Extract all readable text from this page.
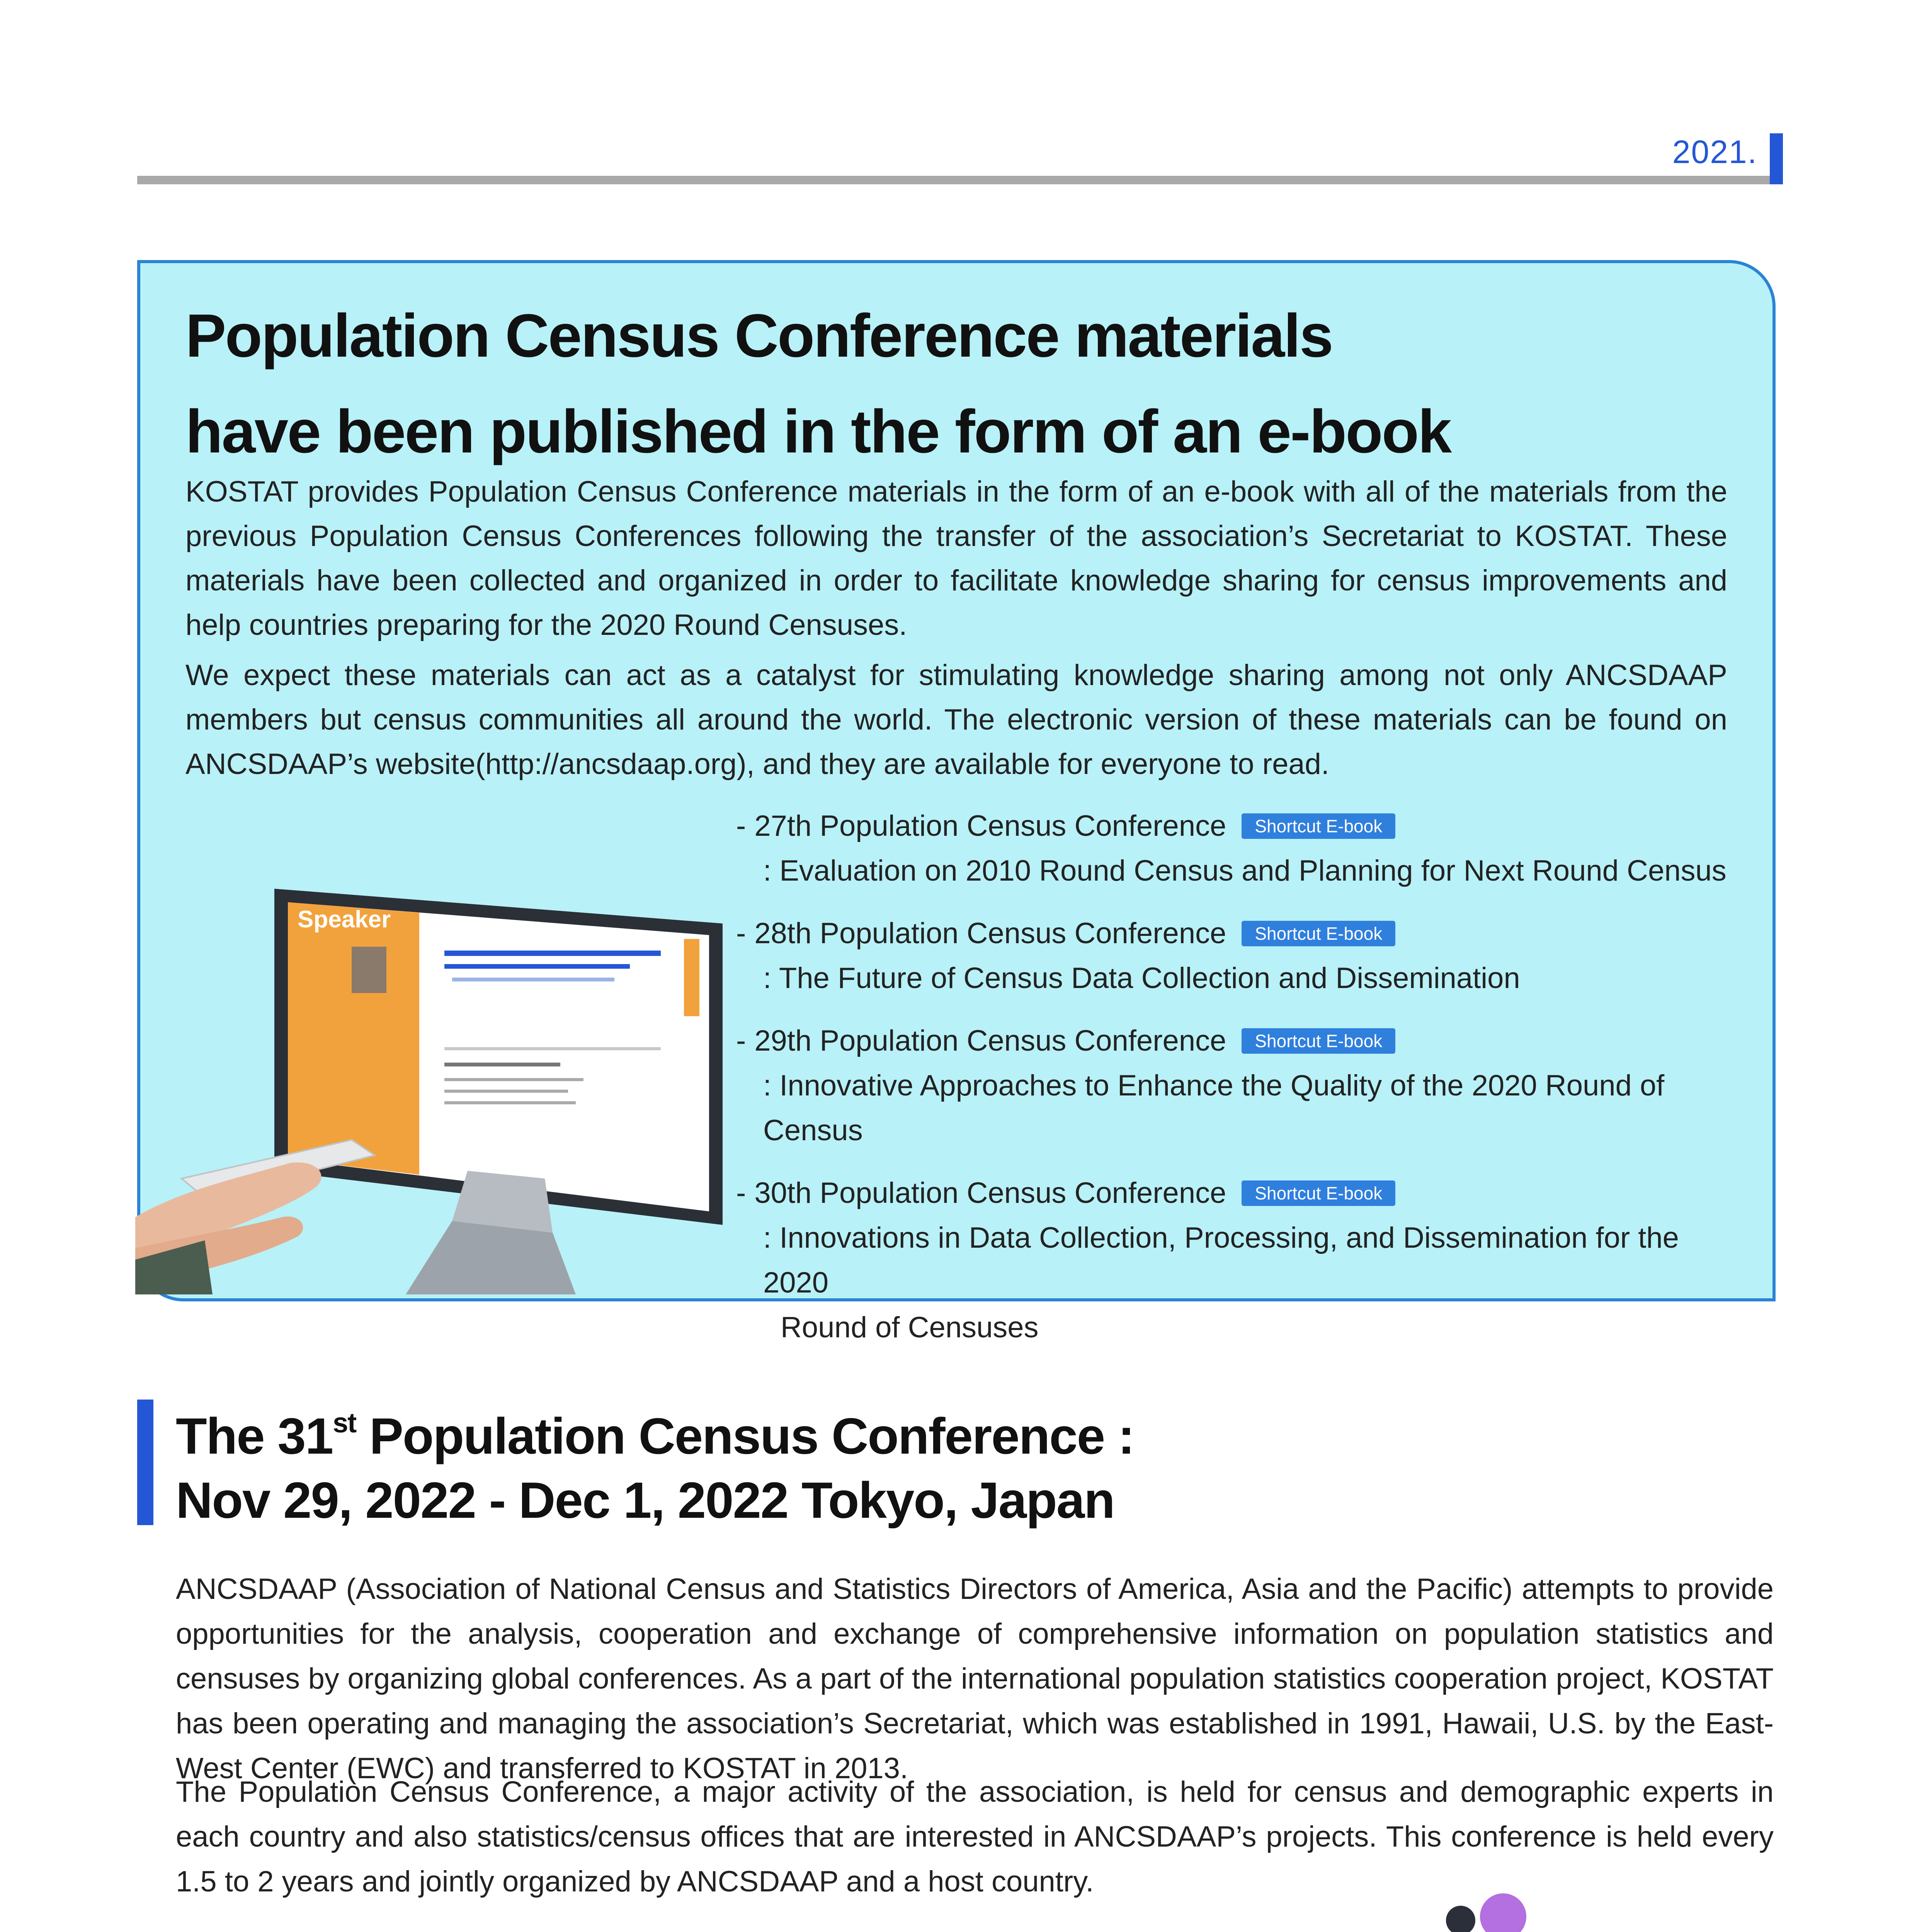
2021.
Population Census Conference materials
have been published in the form of an e-book
KOSTAT provides Population Census Conference materials in the form of an e-book with all of the materials from the previous Population Census Conferences following the transfer of the association’s Secretariat to KOSTAT. These materials have been collected and organized in order to facilitate knowledge sharing for census improvements and help countries preparing for the 2020 Round Censuses.
We expect these materials can act as a catalyst for stimulating knowledge sharing among not only ANCSDAAP members but census communities all around the world. The electronic version of these materials can be found on ANCSDAAP’s website(http://ancsdaap.org), and they are available for everyone to read.
Speaker
- 27th Population Census Conference	Shortcut E-book
: Evaluation on 2010 Round Census and Planning for Next Round Census
- 28th Population Census Conference	Shortcut E-book
: The Future of Census Data Collection and Dissemination
- 29th Population Census Conference	Shortcut E-book
: Innovative Approaches to Enhance the Quality of the 2020 Round of Census
- 30th Population Census Conference	Shortcut E-book
: Innovations in Data Collection, Processing, and Dissemination for the 2020
Round of Censuses
The 31st Population Census Conference :
Nov 29, 2022 - Dec 1, 2022 Tokyo, Japan
ANCSDAAP (Association of National Census and Statistics Directors of America, Asia and the Pacific) attempts to provide opportunities for the analysis, cooperation and exchange of comprehensive information on population statistics and censuses by organizing global conferences. As a part of the international population statistics cooperation project, KOSTAT has been operating and managing the association’s Secretariat, which was established in 1991, Hawaii, U.S. by the East-West Center (EWC) and transferred to KOSTAT in 2013.
The Population Census Conference, a major activity of the association, is held for census and demographic experts in each country and also statistics/census offices that are interested in ANCSDAAP’s projects. This conference is held every 1.5 to 2 years and jointly organized by ANCSDAAP and a host country.
